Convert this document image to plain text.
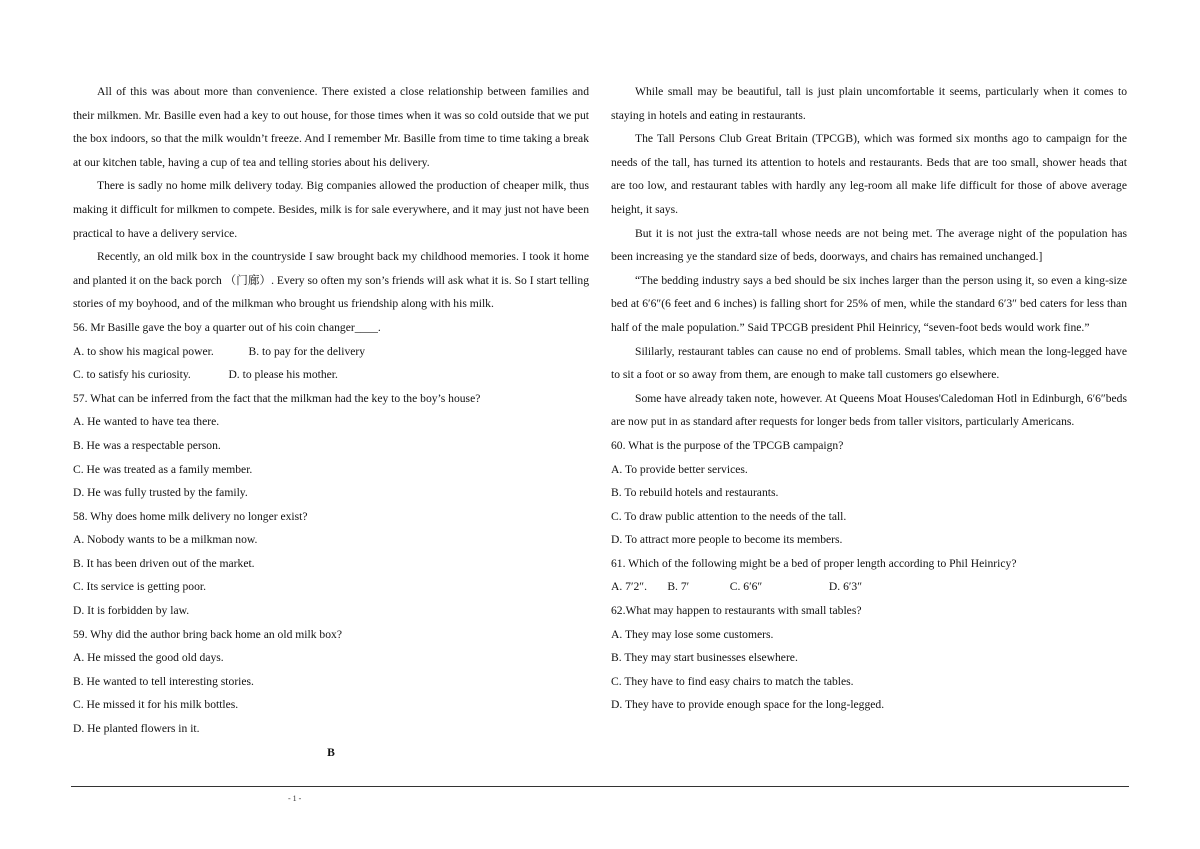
All of this was about more than convenience. There existed a close relationship between families and their milkmen. Mr. Basille even had a key to out house, for those times when it was so cold outside that we put the box indoors, so that the milk wouldn’t freeze. And I remember Mr. Basille from time to time taking a break at our kitchen table, having a cup of tea and telling stories about his delivery.

There is sadly no home milk delivery today. Big companies allowed the production of cheaper milk, thus making it difficult for milkmen to compete. Besides, milk is for sale everywhere, and it may just not have been practical to have a delivery service.

Recently, an old milk box in the countryside I saw brought back my childhood memories. I took it home and planted it on the back porch （门廊）. Every so often my son’s friends will ask what it is. So I start telling stories of my boyhood, and of the milkman who brought us friendship along with his milk.

56. Mr Basille gave the boy a quarter out of his coin changer____.

A. to show his magical power.            B. to pay for the delivery

C. to satisfy his curiosity.             D. to please his mother.

57. What can be inferred from the fact that the milkman had the key to the boy’s house?

A. He wanted to have tea there.

B. He was a respectable person.

C. He was treated as a family member.

D. He was fully trusted by the family.

58. Why does home milk delivery no longer exist?

A. Nobody wants to be a milkman now.

B. It has been driven out of the market.

C. Its service is getting poor.

D. It is forbidden by law.

59. Why did the author bring back home an old milk box?

A. He missed the good old days.

B. He wanted to tell interesting stories.

C. He missed it for his milk bottles.

D. He planted flowers in it.

B

While small may be beautiful, tall is just plain uncomfortable it seems, particularly when it comes to staying in hotels and eating in restaurants.

The Tall Persons Club Great Britain (TPCGB), which was formed six months ago to campaign for the needs of the tall, has turned its attention to hotels and restaurants. Beds that are too small, shower heads that are too low, and restaurant tables with hardly any leg-room all make life difficult for those of above average height, it says.

But it is not just the extra-tall whose needs are not being met. The average night of the population has been increasing ye the standard size of beds, doorways, and chairs has remained unchanged.]

“The bedding industry says a bed should be six inches larger than the person using it, so even a king-size bed at 6′6″(6 feet and 6 inches) is falling short for 25% of men, while the standard 6′3″ bed caters for less than half of the male population.” Said TPCGB president Phil Heinricy, “seven-foot beds would work fine.”

Sililarly, restaurant tables can cause no end of problems. Small tables, which mean the long-legged have to sit a foot or so away from them, are enough to make tall customers go elsewhere.

Some have already taken note, however. At Queens Moat Houses'Caledoman Hotl in Edinburgh, 6′6″beds are now put in as standard after requests for longer beds from taller visitors, particularly Americans.

60. What is the purpose of the TPCGB campaign?

A. To provide better services.

B. To rebuild hotels and restaurants.

C. To draw public attention to the needs of the tall.

D. To attract more people to become its members.

61. Which of the following might be a bed of proper length according to Phil Heinricy?

A. 7′2″.       B. 7′              C. 6′6″                       D. 6′3″

62.What may happen to restaurants with small tables?

A. They may lose some customers.

B. They may start businesses elsewhere.

C. They have to find easy chairs to match the tables.

D. They have to provide enough space for the long-legged.

- 1 -
